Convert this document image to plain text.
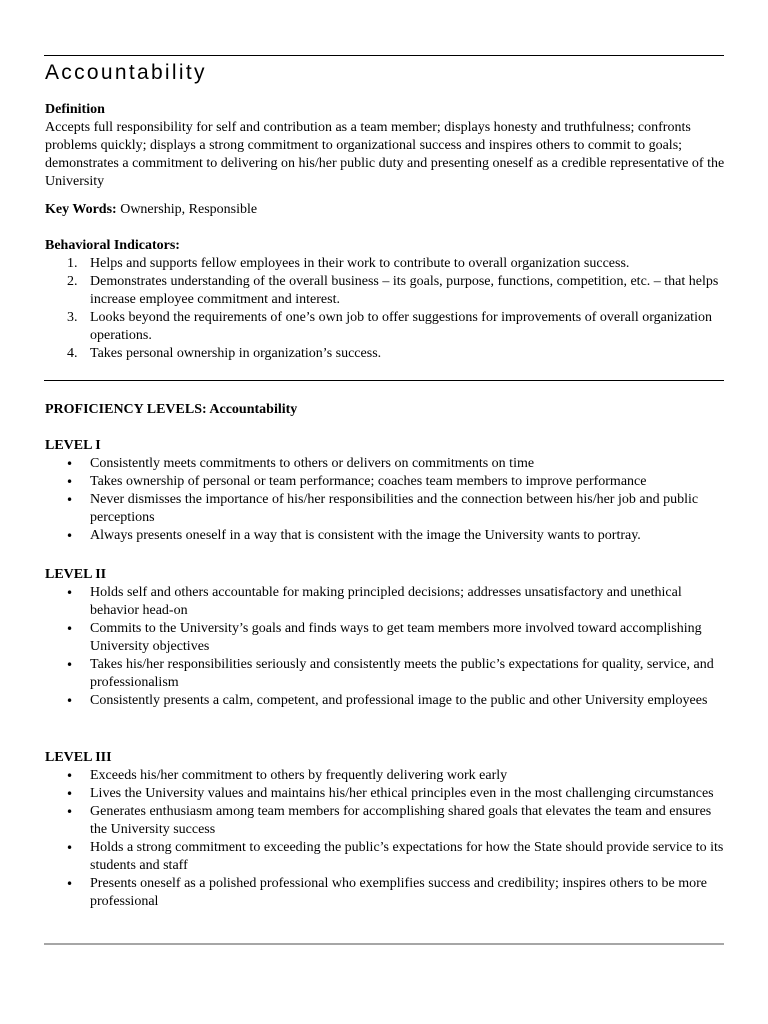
Accountability

Definition

Accepts full responsibility for self and contribution as a team member; displays honesty and truthfulness; confronts problems quickly; displays a strong commitment to organizational success and inspires others to commit to goals; demonstrates a commitment to delivering on his/her public duty and presenting oneself as a credible representative of the University

Key Words: Ownership, Responsible

Behavioral Indicators:

1. Helps and supports fellow employees in their work to contribute to overall organization success.
2. Demonstrates understanding of the overall business – its goals, purpose, functions, competition, etc. – that helps increase employee commitment and interest.
3. Looks beyond the requirements of one’s own job to offer suggestions for improvements of overall organization operations.
4. Takes personal ownership in organization’s success.

PROFICIENCY LEVELS: Accountability

LEVEL I

• Consistently meets commitments to others or delivers on commitments on time
• Takes ownership of personal or team performance; coaches team members to improve performance
• Never dismisses the importance of his/her responsibilities and the connection between his/her job and public perceptions
• Always presents oneself in a way that is consistent with the image the University wants to portray.

LEVEL II

• Holds self and others accountable for making principled decisions; addresses unsatisfactory and unethical behavior head-on
• Commits to the University’s goals and finds ways to get team members more involved toward accomplishing University objectives
• Takes his/her responsibilities seriously and consistently meets the public’s expectations for quality, service, and professionalism
• Consistently presents a calm, competent, and professional image to the public and other University employees

LEVEL III

• Exceeds his/her commitment to others by frequently delivering work early
• Lives the University values and maintains his/her ethical principles even in the most challenging circumstances
• Generates enthusiasm among team members for accomplishing shared goals that elevates the team and ensures the University success
• Holds a strong commitment to exceeding the public’s expectations for how the State should provide service to its students and staff
• Presents oneself as a polished professional who exemplifies success and credibility; inspires others to be more professional
